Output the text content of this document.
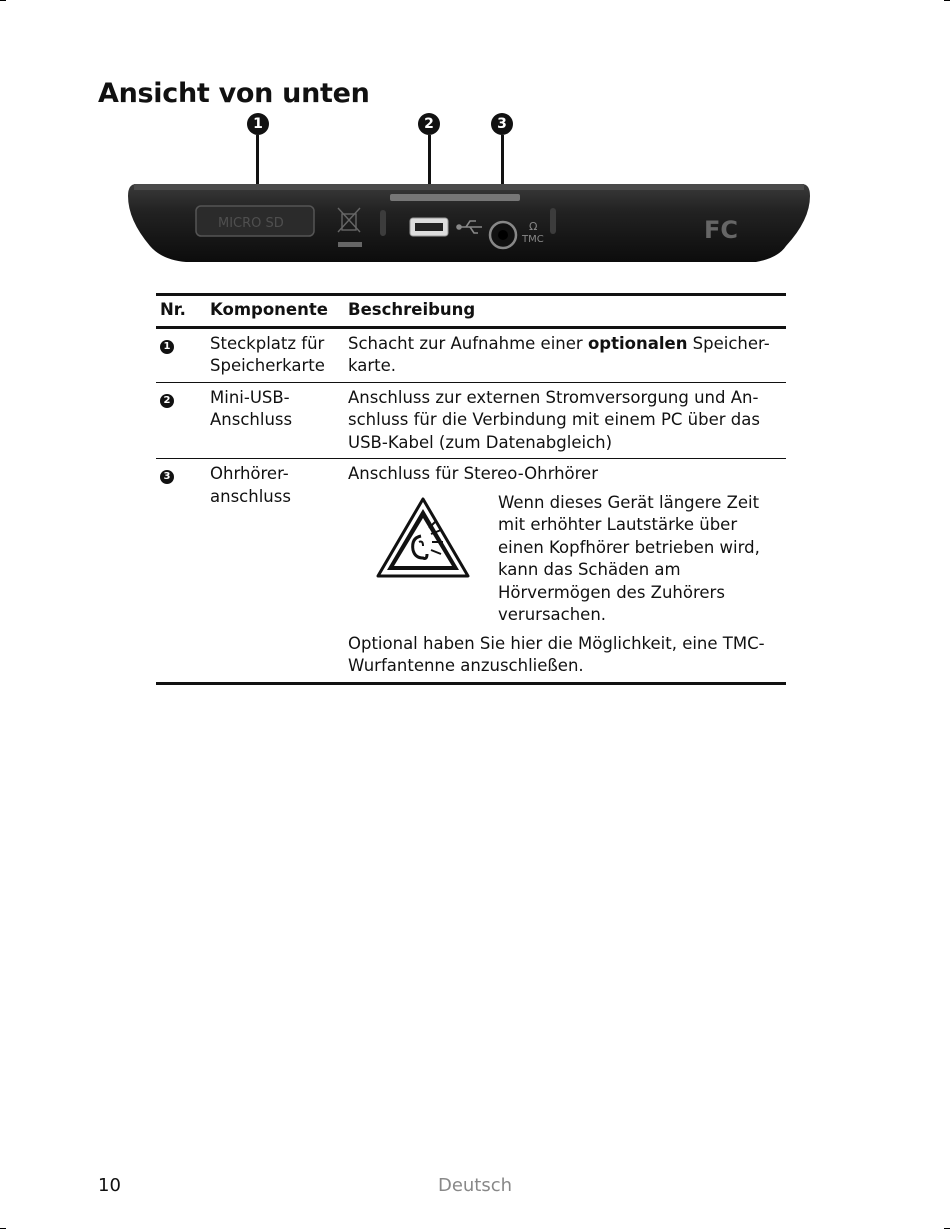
Ansicht von unten
1	2	3
MICRO SD
TMC
Ω	FC
Nr.	Komponente	Beschreibung
1	Steckplatz für Speicherkarte	Schacht zur Aufnahme einer optionalen Speicher-karte.
2	Mini-USB-Anschluss	Anschluss zur externen Stromversorgung und An-schluss für die Verbindung mit einem PC über das USB-Kabel (zum Datenabgleich)
3	Ohrhörer-anschluss	Anschluss für Stereo-Ohrhörer
Wenn dieses Gerät längere Zeit mit erhöhter Lautstärke über einen Kopfhörer betrieben wird, kann das Schäden am Hörvermögen des Zuhörers verursachen.
Optional haben Sie hier die Möglichkeit, eine TMC-Wurfantenne anzuschließen.
10	Deutsch
